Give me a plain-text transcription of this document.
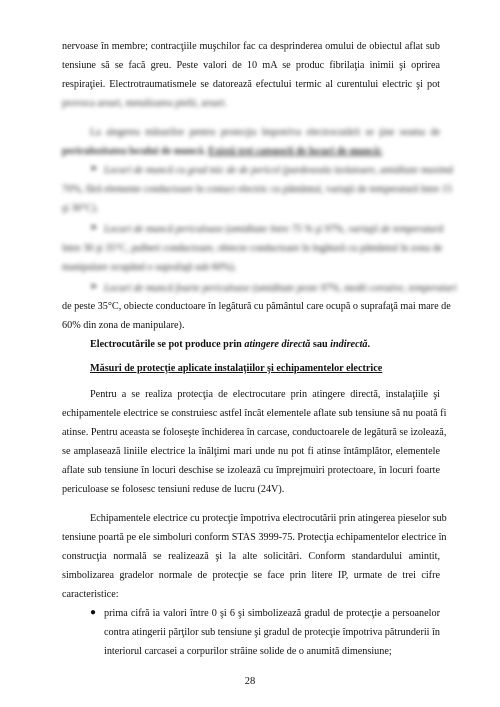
nervoase în membre; contracţiile muşchilor fac ca desprinderea omului de obiectul aflat sub
tensiune să se facă greu. Peste valori de 10 mA se produc fibrilaţia inimii şi oprirea
respiraţiei. Electrotraumatismele se datorează efectului termic al curentului electric şi pot
provoca arsuri, metalizarea pielii, arsuri.
La alegerea măsurilor pentru protecţia împotriva electrocutării se ţine seama de
periculozitatea locului de muncă. Există trei categorii de locuri de muncă:
➤ Locuri de muncă cu grad mic de de pericol (pardoseala izolatoare, umiditate maximă
70%, fără elemente conductoare în contact electric cu pământul, variaţii de temperatură între 15
şi 30°C).
➤ Locuri de muncă periculoase (umiditate între 75 % şi 97%, variaţii de temperatură
între 30 şi 35°C, pulberi conductoare, obiecte conductoare în legătură cu pământul în zona de
manipulare ocupând o suprafaţă sub 60%).
➤ Locuri de muncă foarte periculoase (umiditate peste 97%, medii corozive, temperaturi
de peste 35°C, obiecte conductoare în legătură cu pământul care ocupă o suprafaţă mai mare de
60% din zona de manipulare).
Electrocutările se pot produce prin atingere directă sau indirectă.
Măsuri de protecţie aplicate instalaţiilor şi echipamentelor electrice
Pentru a se realiza protecţia de electrocutare prin atingere directă, instalaţiile şi
echipamentele electrice se construiesc astfel încât elementele aflate sub tensiune să nu poată fi
atinse. Pentru aceasta se foloseşte închiderea în carcase, conductoarele de legătură se izolează,
se amplasează liniile electrice la înălţimi mari unde nu pot fi atinse întâmplător, elementele
aflate sub tensiune în locuri deschise se izolează cu împrejmuiri protectoare, în locuri foarte
periculoase se folosesc tensiuni reduse de lucru (24V).
Echipamentele electrice cu protecţie împotriva electrocutării prin atingerea pieselor sub
tensiune poartă pe ele simboluri conform STAS 3999-75. Protecţia echipamentelor electrice în
construcţia normală se realizează şi la alte solicitări. Conform standardului amintit,
simbolizarea gradelor normale de protecţie se face prin litere IP, urmate de trei cifre
caracteristice:
● prima cifră ia valori între 0 şi 6 şi simbolizează gradul de protecţie a persoanelor
contra atingerii părţilor sub tensiune şi gradul de protecţie împotriva pătrunderii în
interiorul carcasei a corpurilor străine solide de o anumită dimensiune;
28
